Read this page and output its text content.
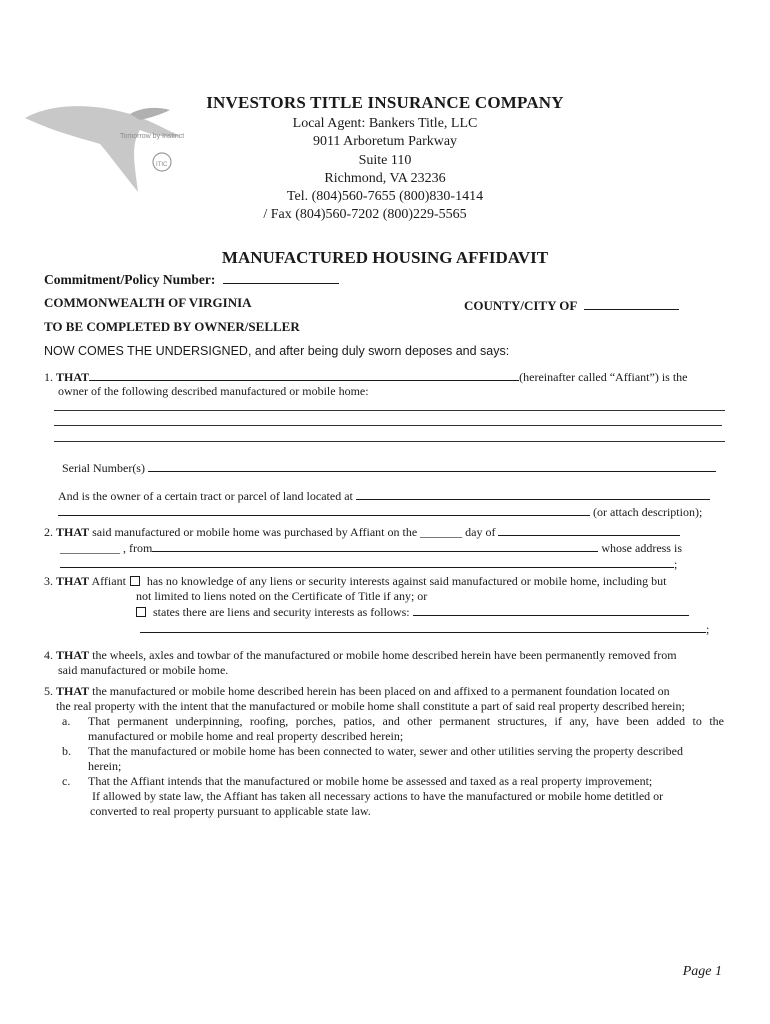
Tomorrow by Instinct
ITIC
INVESTORS TITLE INSURANCE COMPANY
Local Agent: Bankers Title, LLC
9011 Arboretum Parkway
Suite 110
Richmond, VA 23236
Tel. (804)560-7655 (800)830-1414
/ Fax (804)560-7202 (800)229-5565
MANUFACTURED HOUSING AFFIDAVIT
Commitment/Policy Number:
COMMONWEALTH OF VIRGINIA	COUNTY/CITY OF
TO BE COMPLETED BY OWNER/SELLER
NOW COMES THE UNDERSIGNED, and after being duly sworn deposes and says:
1. THAT	(hereinafter called “Affiant”) is the
owner of the following described manufactured or mobile home:
Serial Number(s)
And is the owner of a certain tract or parcel of land located at
(or attach description);
2. THAT said manufactured or mobile home was purchased by Affiant on the _______ day of
__________ , from	whose address is
;
3. THAT Affiant has no knowledge of any liens or security interests against said manufactured or mobile home, including but
not limited to liens noted on the Certificate of Title if any; or
states there are liens and security interests as follows:
;
4. THAT the wheels, axles and towbar of the manufactured or mobile home described herein have been permanently removed from
said manufactured or mobile home.
5. THAT the manufactured or mobile home described herein has been placed on and affixed to a permanent foundation located on
the real property with the intent that the manufactured or mobile home shall constitute a part of said real property described herein;
a. That permanent underpinning, roofing, porches, patios, and other permanent structures, if any, have been added to the
manufactured or mobile home and real property described herein;
b. That the manufactured or mobile home has been connected to water, sewer and other utilities serving the property described
herein;
c. That the Affiant intends that the manufactured or mobile home be assessed and taxed as a real property improvement;
If allowed by state law, the Affiant has taken all necessary actions to have the manufactured or mobile home detitled or
converted to real property pursuant to applicable state law.
Page 1
